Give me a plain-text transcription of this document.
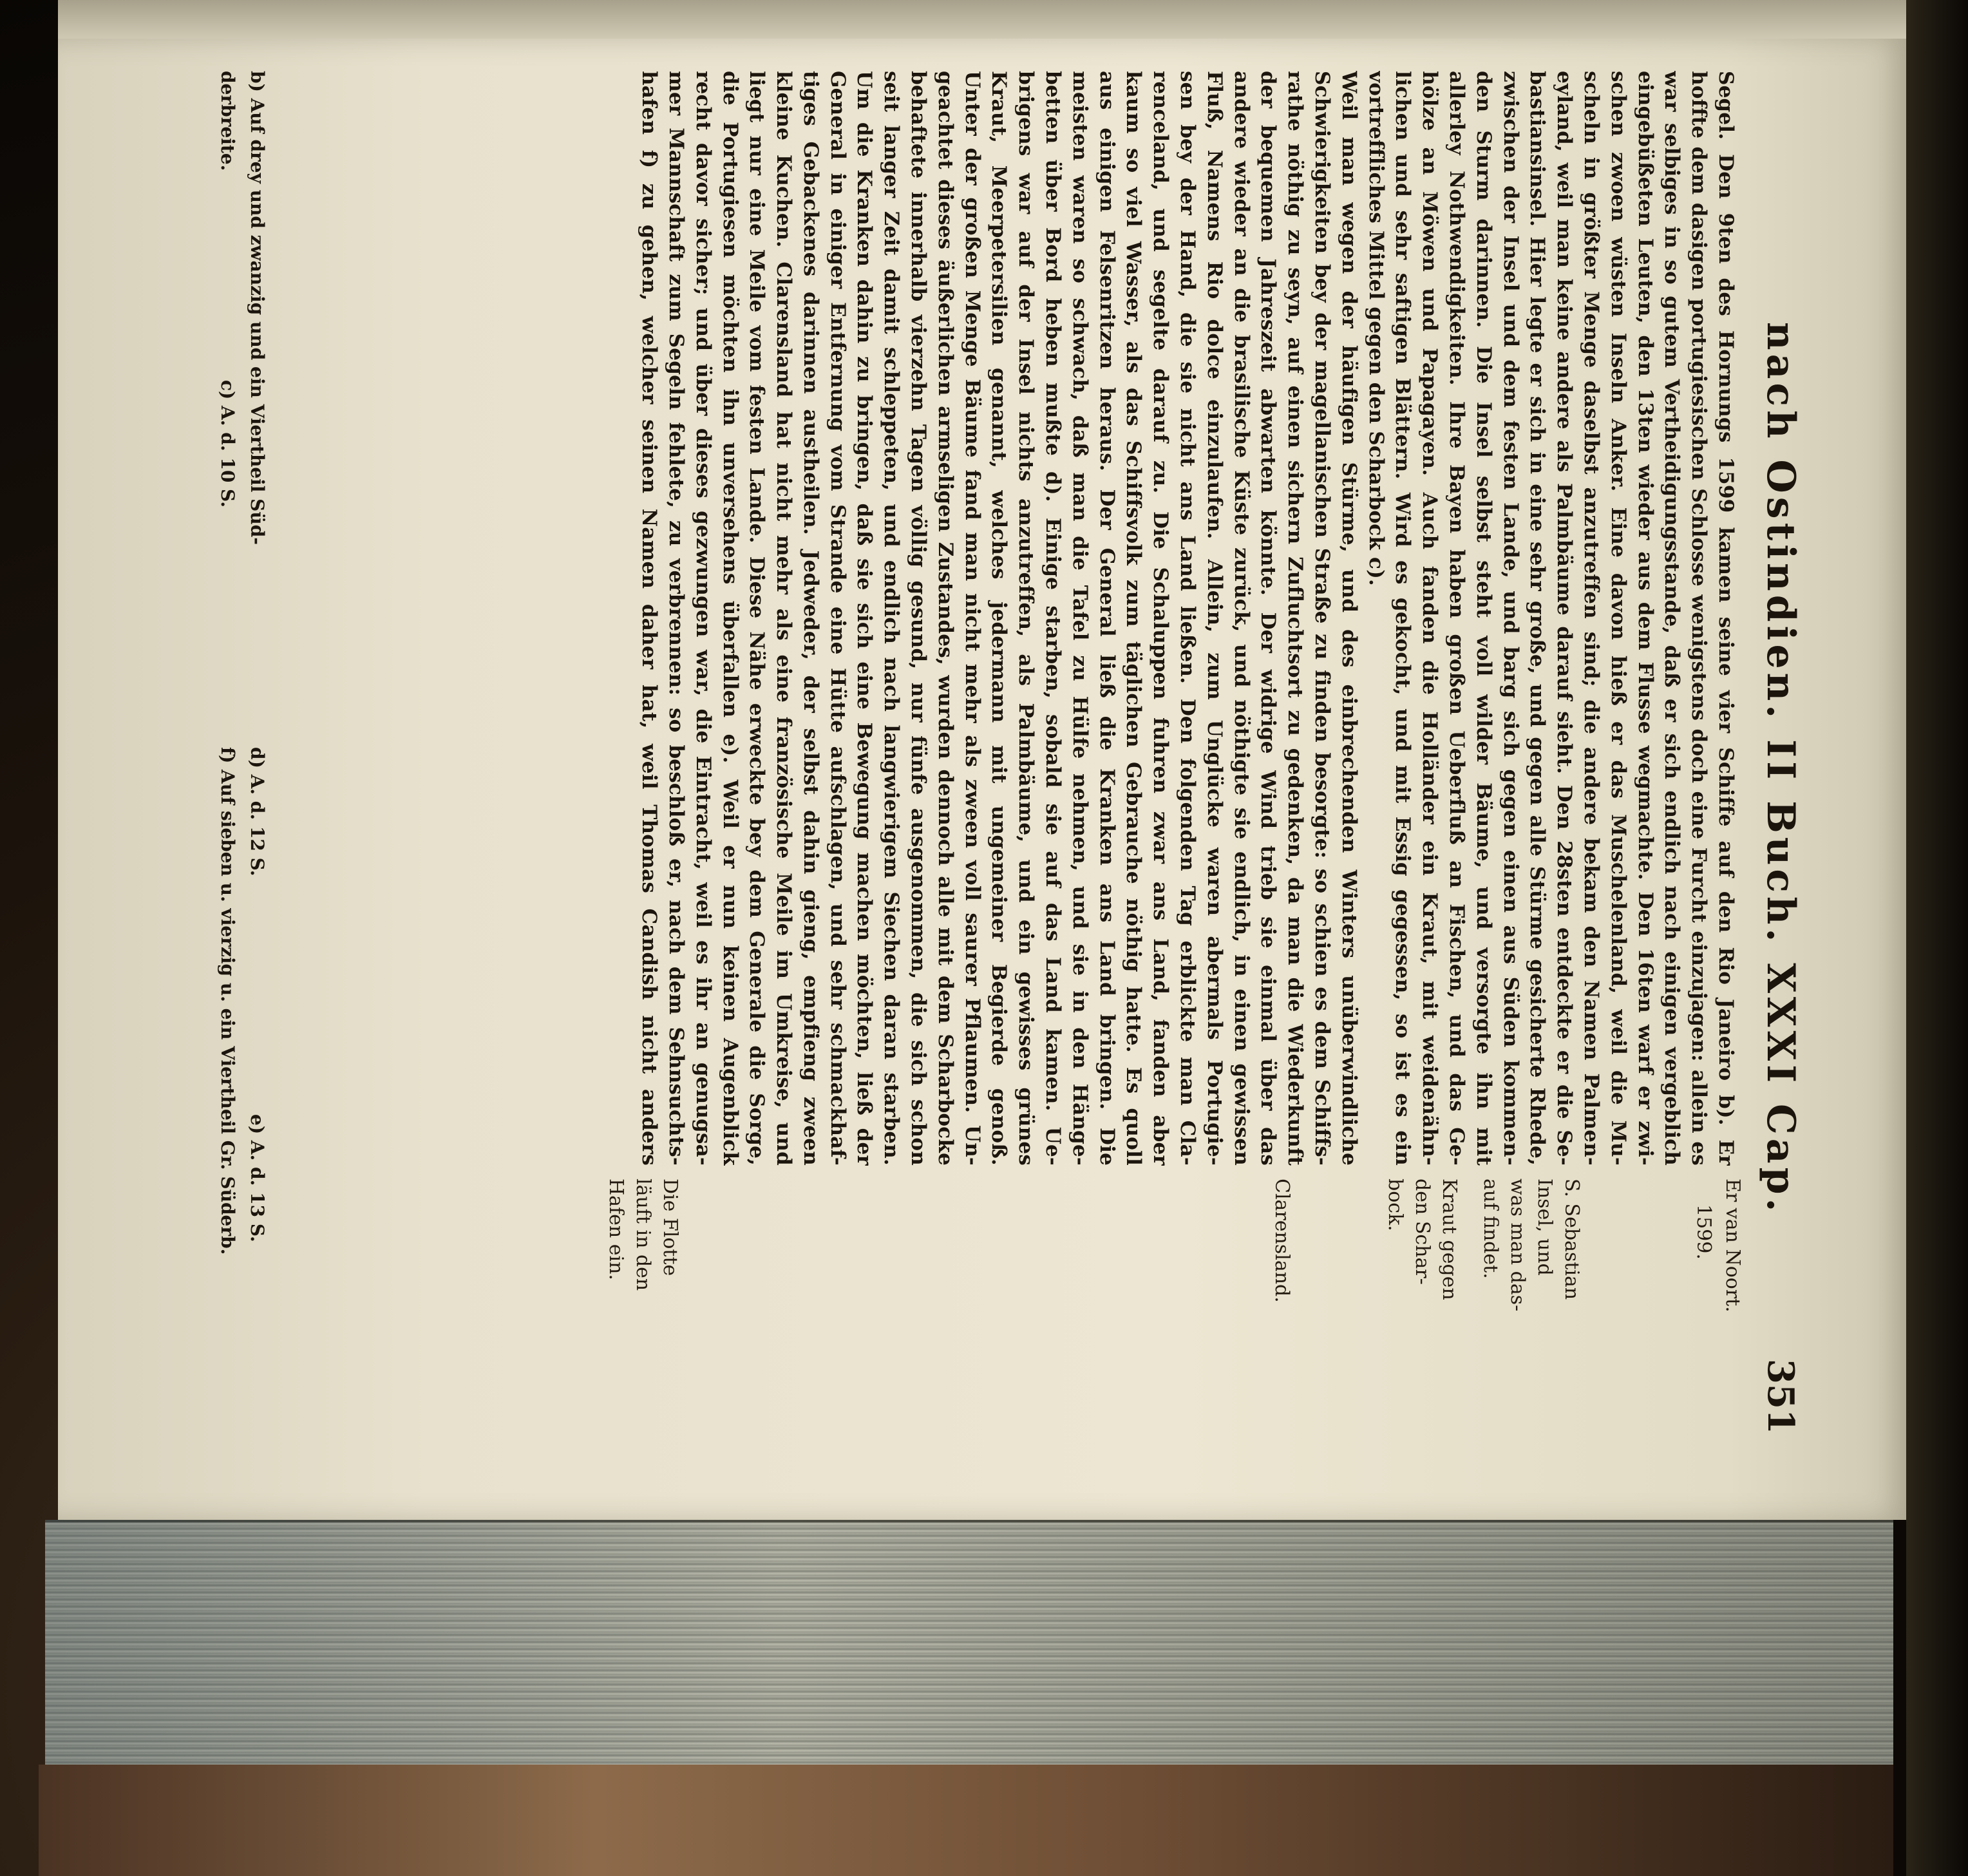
nach Ostindien. II Buch. XXXI Cap.
351
Segel. Den 9ten des Hornungs 1599 kamen seine vier Schiffe auf den Rio Janeiro b). Er
hoffte dem dasigen portugiesischen Schlosse wenigstens doch eine Furcht einzujagen: allein es
war selbiges in so gutem Vertheidigungsstande, daß er sich endlich nach einigen vergeblich
eingebüßeten Leuten, den 13ten wieder aus dem Flusse wegmachte. Den 16ten warf er zwi-
schen zwoen wüsten Inseln Anker. Eine davon hieß er das Muschelenland, weil die Mu-
scheln in größter Menge daselbst anzutreffen sind; die andere bekam den Namen Palmen-
eyland, weil man keine andere als Palmbäume darauf sieht. Den 28sten entdeckte er die Se-
bastiansinsel. Hier legte er sich in eine sehr große, und gegen alle Stürme gesicherte Rhede,
zwischen der Insel und dem festen Lande, und barg sich gegen einen aus Süden kommen-
den Sturm darinnen. Die Insel selbst steht voll wilder Bäume, und versorgte ihn mit
allerley Nothwendigkeiten. Ihre Bayen haben großen Ueberfluß an Fischen, und das Ge-
hölze an Möwen und Papagayen. Auch fanden die Holländer ein Kraut, mit weidenähn-
lichen und sehr saftigen Blättern. Wird es gekocht, und mit Essig gegessen, so ist es ein
vortreffliches Mittel gegen den Scharbock c).
Weil man wegen der häufigen Stürme, und des einbrechenden Winters unüberwindliche
Schwierigkeiten bey der magellanischen Straße zu finden besorgte: so schien es dem Schiffs-
rathe nöthig zu seyn, auf einen sichern Zufluchtsort zu gedenken, da man die Wiederkunft
der bequemen Jahreszeit abwarten könnte. Der widrige Wind trieb sie einmal über das
andere wieder an die brasilische Küste zurück, und nöthigte sie endlich, in einen gewissen
Fluß, Namens Rio dolce einzulaufen. Allein, zum Unglücke waren abermals Portugie-
sen bey der Hand, die sie nicht ans Land ließen. Den folgenden Tag erblickte man Cla-
renceland, und segelte darauf zu. Die Schaluppen fuhren zwar ans Land, fanden aber
kaum so viel Wasser, als das Schiffsvolk zum täglichen Gebrauche nöthig hatte. Es quoll
aus einigen Felsenritzen heraus. Der General ließ die Kranken ans Land bringen. Die
meisten waren so schwach, daß man die Tafel zu Hülfe nehmen, und sie in den Hänge-
betten über Bord heben mußte d). Einige starben, sobald sie auf das Land kamen. Ue-
brigens war auf der Insel nichts anzutreffen, als Palmbäume, und ein gewisses grünes
Kraut, Meerpetersilien genannt, welches jedermann mit ungemeiner Begierde genoß.
Unter der großen Menge Bäume fand man nicht mehr als zween voll saurer Pflaumen. Un-
geachtet dieses äußerlichen armseligen Zustandes, wurden dennoch alle mit dem Scharbocke
behaftete innerhalb vierzehn Tagen völlig gesund, nur fünfe ausgenommen, die sich schon
seit langer Zeit damit schleppeten, und endlich nach langwierigem Siechen daran starben.
Um die Kranken dahin zu bringen, daß sie sich eine Bewegung machen möchten, ließ der
General in einiger Entfernung vom Strande eine Hütte aufschlagen, und sehr schmackhaf-
tiges Gebackenes darinnen austheilen. Jedweder, der selbst dahin gieng, empfieng zween
kleine Kuchen. Clarensland hat nicht mehr als eine französische Meile im Umkreise, und
liegt nur eine Meile vom festen Lande. Diese Nähe erweckte bey dem Generale die Sorge,
die Portugiesen möchten ihn unversehens überfallen e). Weil er nun keinen Augenblick
recht davor sicher; und über dieses gezwungen war, die Eintracht, weil es ihr an genugsa-
mer Mannschaft zum Segeln fehlete, zu verbrennen: so beschloß er, nach dem Sehnsuchts-
hafen f) zu gehen, welcher seinen Namen daher hat, weil Thomas Candish nicht anders
Er van Noort.
1599.
S. Sebastian
Insel, und
was man das-
auf findet.
Kraut gegen
den Schar-
bock.
Clarensland.
Die Flotte
läuft in den
Hafen ein.
b) Auf drey und zwanzig und ein Viertheil Süd-
d) A. d. 12 S.
e) A. d. 13 S.
derbreite.
c) A. d. 10 S.
f) Auf sieben u. vierzig u. ein Viertheil Gr. Süderb.
